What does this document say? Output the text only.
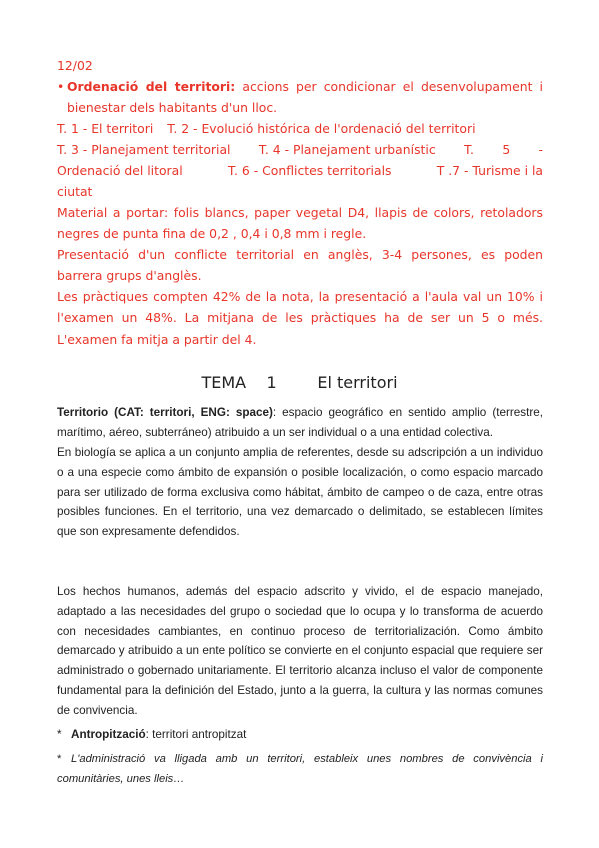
12/02
• Ordenació del territori: accions per condicionar el desenvolupament i bienestar dels habitants d'un lloc.
T. 1 - El territori T. 2 - Evolució histórica de l'ordenació del territori
T. 3 - Planejament territorial T. 4 - Planejament urbanístic T. 5 -
Ordenació del litoral	T. 6 - Conflictes territorials	T .7 - Turisme i la
ciutat
Material a portar: folis blancs, paper vegetal D4, llapis de colors, retoladors negres de punta fina de 0,2 , 0,4 i 0,8 mm i regle.
Presentació d'un conflicte territorial en anglès, 3-4 persones, es poden barrera grups d'anglès.
Les pràctiques compten 42% de la nota, la presentació a l'aula val un 10% i l'examen un 48%. La mitjana de les pràctiques ha de ser un 5 o més. L'examen fa mitja a partir del 4.
TEMA 1	El territori
Territorio (CAT: territori, ENG: space): espacio geográfico en sentido amplio (terrestre, marítimo, aéreo, subterráneo) atribuido a un ser individual o a una entidad colectiva.
En biología se aplica a un conjunto amplia de referentes, desde su adscripción a un individuo o a una especie como ámbito de expansión o posible localización, o como espacio marcado para ser utilizado de forma exclusiva como hábitat, ámbito de campeo o de caza, entre otras posibles funciones. En el territorio, una vez demarcado o delimitado, se establecen límites que son expresamente defendidos.
Los hechos humanos, además del espacio adscrito y vivido, el de espacio manejado, adaptado a las necesidades del grupo o sociedad que lo ocupa y lo transforma de acuerdo con necesidades cambiantes, en continuo proceso de territorialización. Como ámbito demarcado y atribuido a un ente político se convierte en el conjunto espacial que requiere ser administrado o gobernado unitariamente. El territorio alcanza incluso el valor de componente fundamental para la definición del Estado, junto a la guerra, la cultura y las normas comunes de convivencia.
* Antropització: territori antropitzat
* L'administració va lligada amb un territori, estableix unes nombres de convivència i comunitàries, unes lleis…
